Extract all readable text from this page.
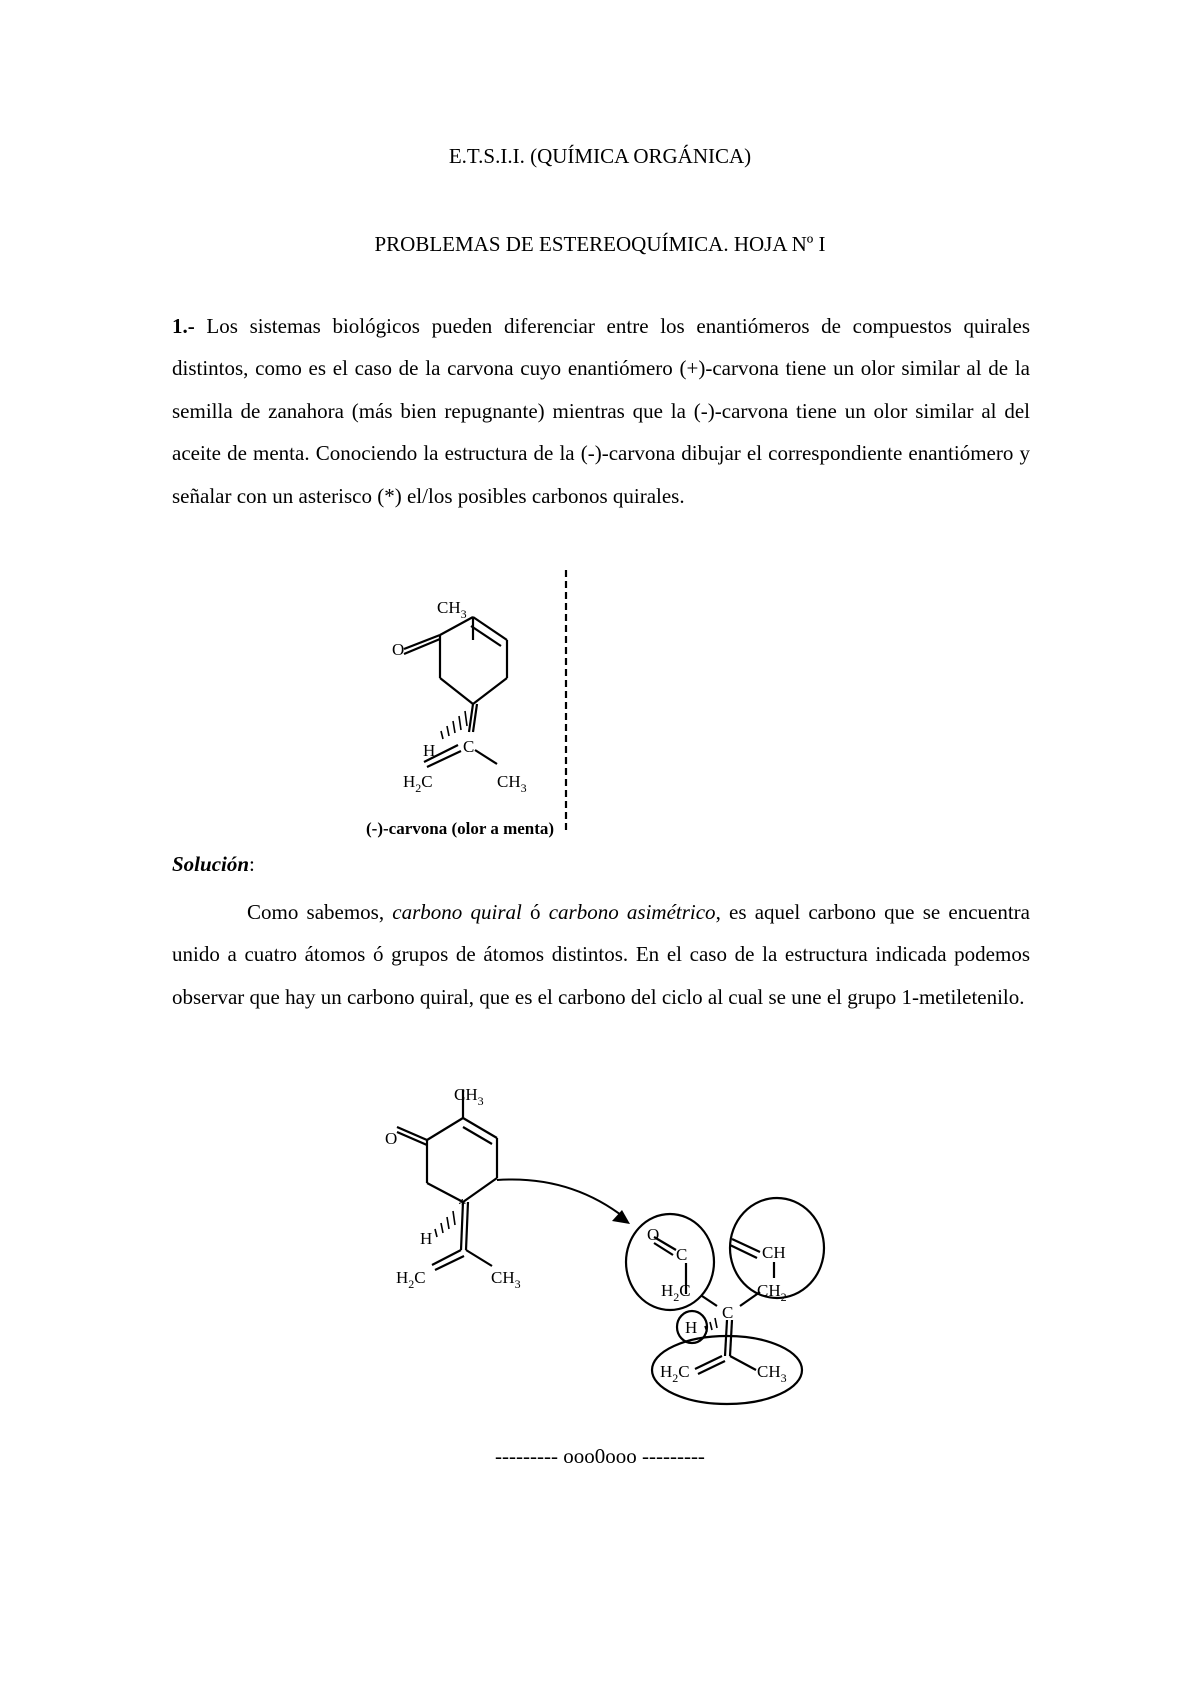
E.T.S.I.I. (QUÍMICA ORGÁNICA)
PROBLEMAS DE ESTEREOQUÍMICA. HOJA Nº I

1.- Los sistemas biológicos pueden diferenciar entre los enantiómeros de compuestos quirales distintos, como es el caso de la carvona cuyo enantiómero (+)-carvona tiene un olor similar al de la semilla de zanahora (más bien repugnante) mientras que la (-)-carvona tiene un olor similar al del aceite de menta. Conociendo la estructura de la (-)-carvona dibujar el correspondiente enantiómero y señalar con un asterisco (*) el/los posibles carbonos quirales.

Solución:

Como sabemos, carbono quiral ó carbono asimétrico, es aquel carbono que se encuentra unido a cuatro átomos ó grupos de átomos distintos. En el caso de la estructura indicada podemos observar que hay un carbono quiral, que es el carbono del ciclo al cual se une el grupo 1-metiletenilo.

$CH_3$
O
H C
$H_2C$	$CH_3$
(-)-carvona (olor a menta)
$CH_3$
O
*
H
$H_2C$	$CH_3$
O
C	CH
$H_2C$	$CH_2$
C
H
$H_2C$	$CH_3$
--------- ooo0ooo ---------
